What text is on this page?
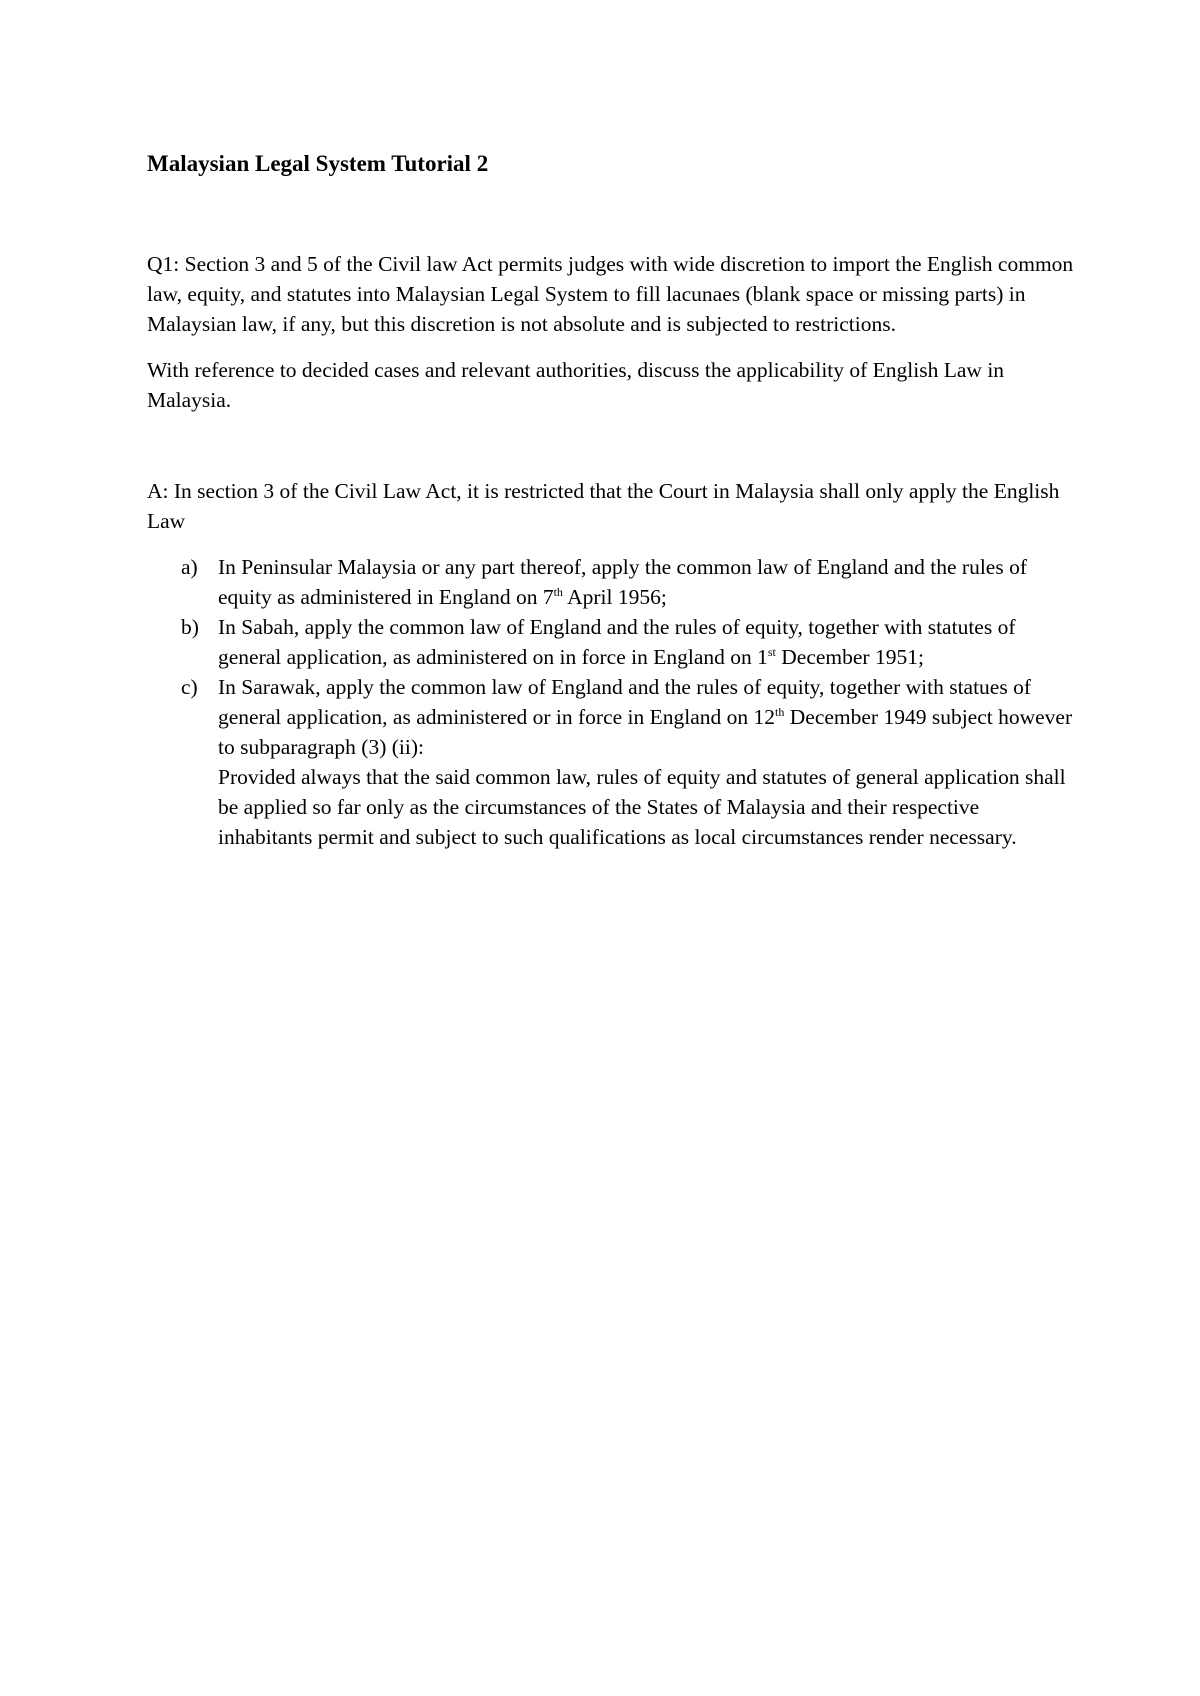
Malaysian Legal System Tutorial 2

Q1: Section 3 and 5 of the Civil law Act permits judges with wide discretion to import the English common law, equity, and statutes into Malaysian Legal System to fill lacunaes (blank space or missing parts) in Malaysian law, if any, but this discretion is not absolute and is subjected to restrictions.

With reference to decided cases and relevant authorities, discuss the applicability of English Law in Malaysia.

A: In section 3 of the Civil Law Act, it is restricted that the Court in Malaysia shall only apply the English Law

a) In Peninsular Malaysia or any part thereof, apply the common law of England and the rules of equity as administered in England on 7th April 1956;
b) In Sabah, apply the common law of England and the rules of equity, together with statutes of general application, as administered on in force in England on 1st December 1951;
c) In Sarawak, apply the common law of England and the rules of equity, together with statues of general application, as administered or in force in England on 12th December 1949 subject however to subparagraph (3) (ii):
Provided always that the said common law, rules of equity and statutes of general application shall be applied so far only as the circumstances of the States of Malaysia and their respective inhabitants permit and subject to such qualifications as local circumstances render necessary.
